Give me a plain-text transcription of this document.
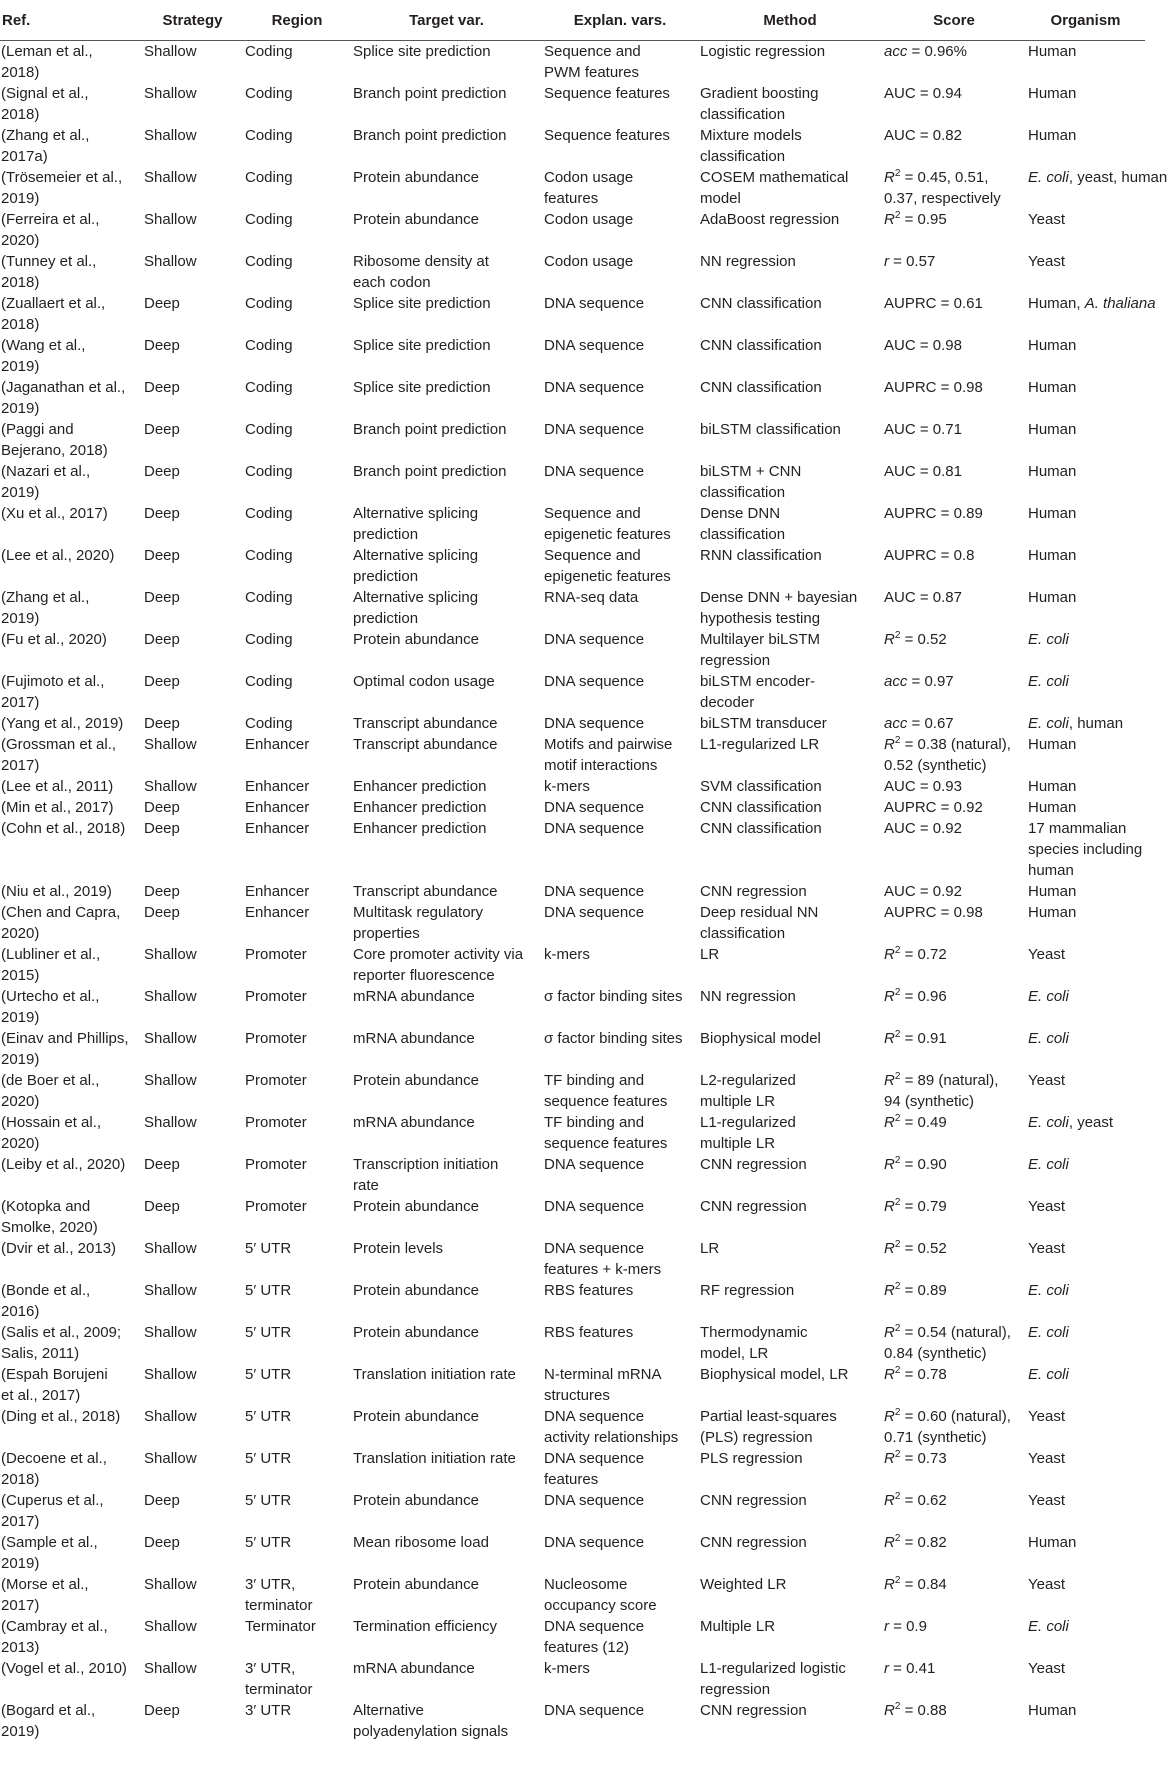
Ref.	Strategy	Region	Target var.	Explan. vars.	Method	Score	Organism

(Leman et al.,
2018)	Shallow	Coding	Splice site prediction	Sequence and
PWM features	Logistic regression	acc = 0.96%	Human

(Signal et al.,
2018)	Shallow	Coding	Branch point prediction	Sequence features	Gradient boosting
classification	AUC = 0.94	Human

(Zhang et al.,
2017a)	Shallow	Coding	Branch point prediction	Sequence features	Mixture models
classification	AUC = 0.82	Human

(Trösemeier et al.,
2019)	Shallow	Coding	Protein abundance	Codon usage
features	COSEM mathematical
model	$R^2 = 0.45$, 0.51,
0.37, respectively	E. coli, yeast, human

(Ferreira et al.,
2020)	Shallow	Coding	Protein abundance	Codon usage	AdaBoost regression	$R^2 = 0.95$	Yeast

(Tunney et al.,
2018)	Shallow	Coding	Ribosome density at
each codon	Codon usage	NN regression	r = 0.57	Yeast

(Zuallaert et al.,
2018)	Deep	Coding	Splice site prediction	DNA sequence	CNN classification	AUPRC = 0.61	Human, A. thaliana

(Wang et al.,
2019)	Deep	Coding	Splice site prediction	DNA sequence	CNN classification	AUC = 0.98	Human

(Jaganathan et al.,
2019)	Deep	Coding	Splice site prediction	DNA sequence	CNN classification	AUPRC = 0.98	Human

(Paggi and
Bejerano, 2018)	Deep	Coding	Branch point prediction	DNA sequence	biLSTM classification	AUC = 0.71	Human

(Nazari et al.,
2019)	Deep	Coding	Branch point prediction	DNA sequence	biLSTM + CNN
classification	AUC = 0.81	Human

(Xu et al., 2017)	Deep	Coding	Alternative splicing
prediction	Sequence and
epigenetic features	Dense DNN
classification	AUPRC = 0.89	Human

(Lee et al., 2020)	Deep	Coding	Alternative splicing
prediction	Sequence and
epigenetic features	RNN classification	AUPRC = 0.8	Human

(Zhang et al.,
2019)	Deep	Coding	Alternative splicing
prediction	RNA-seq data	Dense DNN + bayesian
hypothesis testing	AUC = 0.87	Human

(Fu et al., 2020)	Deep	Coding	Protein abundance	DNA sequence	Multilayer biLSTM
regression	$R^2 = 0.52$	E. coli

(Fujimoto et al.,
2017)	Deep	Coding	Optimal codon usage	DNA sequence	biLSTM encoder-
decoder	acc = 0.97	E. coli

(Yang et al., 2019)	Deep	Coding	Transcript abundance	DNA sequence	biLSTM transducer	acc = 0.67	E. coli, human

(Grossman et al.,
2017)	Shallow	Enhancer	Transcript abundance	Motifs and pairwise
motif interactions	L1-regularized LR	$R^2 = 0.38$ (natural),
0.52 (synthetic)	Human

(Lee et al., 2011)	Shallow	Enhancer	Enhancer prediction	k-mers	SVM classification	AUC = 0.93	Human

(Min et al., 2017)	Deep	Enhancer	Enhancer prediction	DNA sequence	CNN classification	AUPRC = 0.92	Human

(Cohn et al., 2018)	Deep	Enhancer	Enhancer prediction	DNA sequence	CNN classification	AUC = 0.92	17 mammalian
species including
human

(Niu et al., 2019)	Deep	Enhancer	Transcript abundance	DNA sequence	CNN regression	AUC = 0.92	Human

(Chen and Capra,
2020)	Deep	Enhancer	Multitask regulatory
properties	DNA sequence	Deep residual NN
classification	AUPRC = 0.98	Human

(Lubliner et al.,
2015)	Shallow	Promoter	Core promoter activity via
reporter fluorescence	k-mers	LR	$R^2 = 0.72$	Yeast

(Urtecho et al.,
2019)	Shallow	Promoter	mRNA abundance	σ factor binding sites	NN regression	$R^2 = 0.96$	E. coli

(Einav and Phillips,
2019)	Shallow	Promoter	mRNA abundance	σ factor binding sites	Biophysical model	$R^2 = 0.91$	E. coli

(de Boer et al.,
2020)	Shallow	Promoter	Protein abundance	TF binding and
sequence features	L2-regularized
multiple LR	$R^2 = 89$ (natural),
94 (synthetic)	Yeast

(Hossain et al.,
2020)	Shallow	Promoter	mRNA abundance	TF binding and
sequence features	L1-regularized
multiple LR	$R^2 = 0.49$	E. coli, yeast

(Leiby et al., 2020)	Deep	Promoter	Transcription initiation
rate	DNA sequence	CNN regression	$R^2 = 0.90$	E. coli

(Kotopka and
Smolke, 2020)	Deep	Promoter	Protein abundance	DNA sequence	CNN regression	$R^2 = 0.79$	Yeast

(Dvir et al., 2013)	Shallow	5′ UTR	Protein levels	DNA sequence
features + k-mers	LR	$R^2 = 0.52$	Yeast

(Bonde et al.,
2016)	Shallow	5′ UTR	Protein abundance	RBS features	RF regression	$R^2 = 0.89$	E. coli

(Salis et al., 2009;
Salis, 2011)	Shallow	5′ UTR	Protein abundance	RBS features	Thermodynamic
model, LR	$R^2 = 0.54$ (natural),
0.84 (synthetic)	E. coli

(Espah Borujeni
et al., 2017)	Shallow	5′ UTR	Translation initiation rate	N-terminal mRNA
structures	Biophysical model, LR	$R^2 = 0.78$	E. coli

(Ding et al., 2018)	Shallow	5′ UTR	Protein abundance	DNA sequence
activity relationships	Partial least-squares
(PLS) regression	$R^2 = 0.60$ (natural),
0.71 (synthetic)	Yeast

(Decoene et al.,
2018)	Shallow	5′ UTR	Translation initiation rate	DNA sequence
features	PLS regression	$R^2 = 0.73$	Yeast

(Cuperus et al.,
2017)	Deep	5′ UTR	Protein abundance	DNA sequence	CNN regression	$R^2 = 0.62$	Yeast

(Sample et al.,
2019)	Deep	5′ UTR	Mean ribosome load	DNA sequence	CNN regression	$R^2 = 0.82$	Human

(Morse et al.,
2017)	Shallow	3′ UTR,
terminator	Protein abundance	Nucleosome
occupancy score	Weighted LR	$R^2 = 0.84$	Yeast

(Cambray et al.,
2013)	Shallow	Terminator	Termination efficiency	DNA sequence
features (12)	Multiple LR	r = 0.9	E. coli

(Vogel et al., 2010)	Shallow	3′ UTR,
terminator	mRNA abundance	k-mers	L1-regularized logistic
regression	r = 0.41	Yeast

(Bogard et al.,
2019)	Deep	3′ UTR	Alternative
polyadenylation signals	DNA sequence	CNN regression	$R^2 = 0.88$	Human
